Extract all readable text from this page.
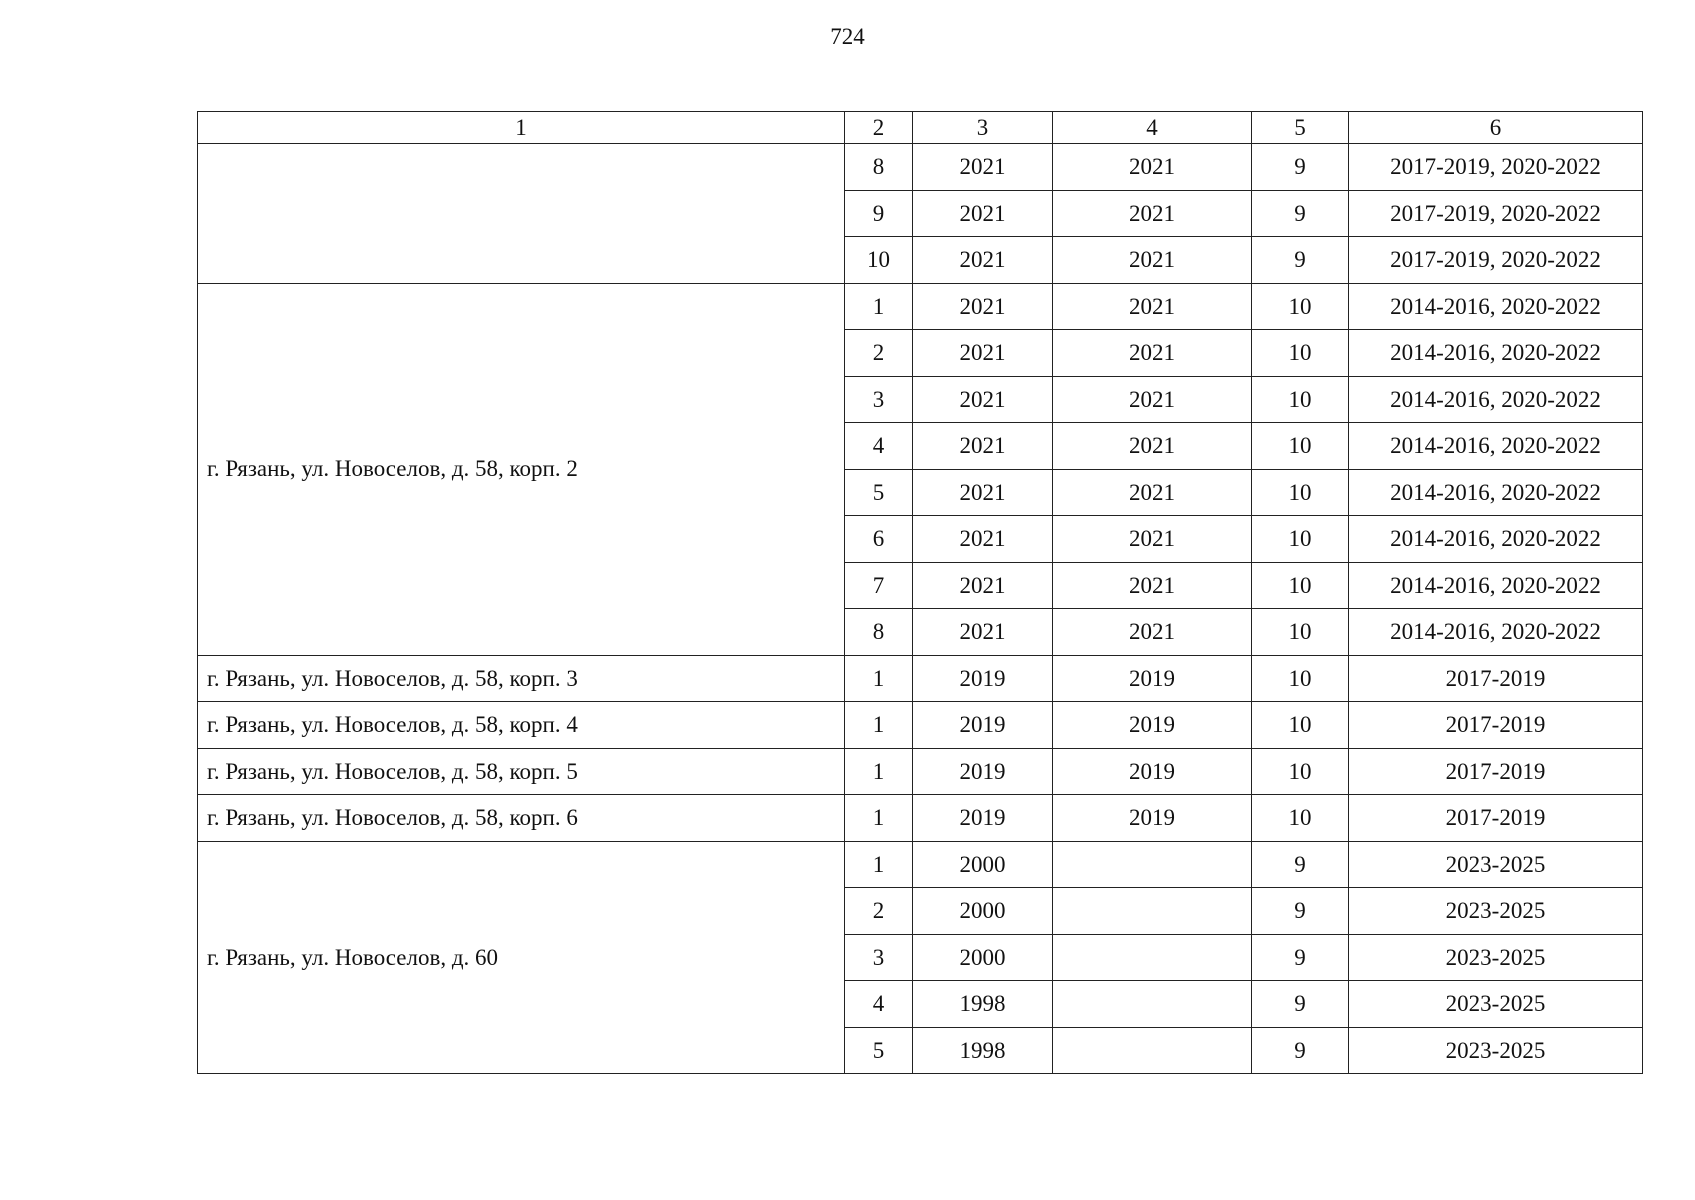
724
1	2	3	4	5	6
	8	2021	2021	9	2017-2019, 2020-2022
	9	2021	2021	9	2017-2019, 2020-2022
	10	2021	2021	9	2017-2019, 2020-2022
г. Рязань, ул. Новоселов, д. 58, корп. 2	1	2021	2021	10	2014-2016, 2020-2022
	2	2021	2021	10	2014-2016, 2020-2022
	3	2021	2021	10	2014-2016, 2020-2022
	4	2021	2021	10	2014-2016, 2020-2022
	5	2021	2021	10	2014-2016, 2020-2022
	6	2021	2021	10	2014-2016, 2020-2022
	7	2021	2021	10	2014-2016, 2020-2022
	8	2021	2021	10	2014-2016, 2020-2022
г. Рязань, ул. Новоселов, д. 58, корп. 3	1	2019	2019	10	2017-2019
г. Рязань, ул. Новоселов, д. 58, корп. 4	1	2019	2019	10	2017-2019
г. Рязань, ул. Новоселов, д. 58, корп. 5	1	2019	2019	10	2017-2019
г. Рязань, ул. Новоселов, д. 58, корп. 6	1	2019	2019	10	2017-2019
г. Рязань, ул. Новоселов, д. 60	1	2000		9	2023-2025
	2	2000		9	2023-2025
	3	2000		9	2023-2025
	4	1998		9	2023-2025
	5	1998		9	2023-2025
